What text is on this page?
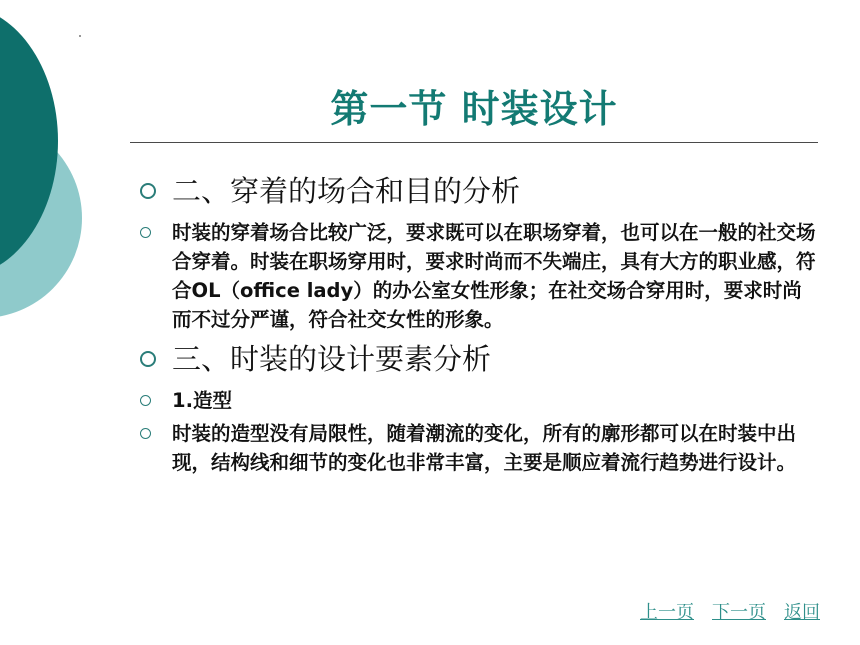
第一节 时装设计
二、穿着的场合和目的分析
时装的穿着场合比较广泛，要求既可以在职场穿着，也可以在一般的社交场合穿着。时装在职场穿用时，要求时尚而不失端庄，具有大方的职业感，符合OL（office lady）的办公室女性形象；在社交场合穿用时，要求时尚而不过分严谨，符合社交女性的形象。
三、时装的设计要素分析
1.造型
时装的造型没有局限性，随着潮流的变化，所有的廓形都可以在时装中出现，结构线和细节的变化也非常丰富，主要是顺应着流行趋势进行设计。
上一页 下一页 返回
